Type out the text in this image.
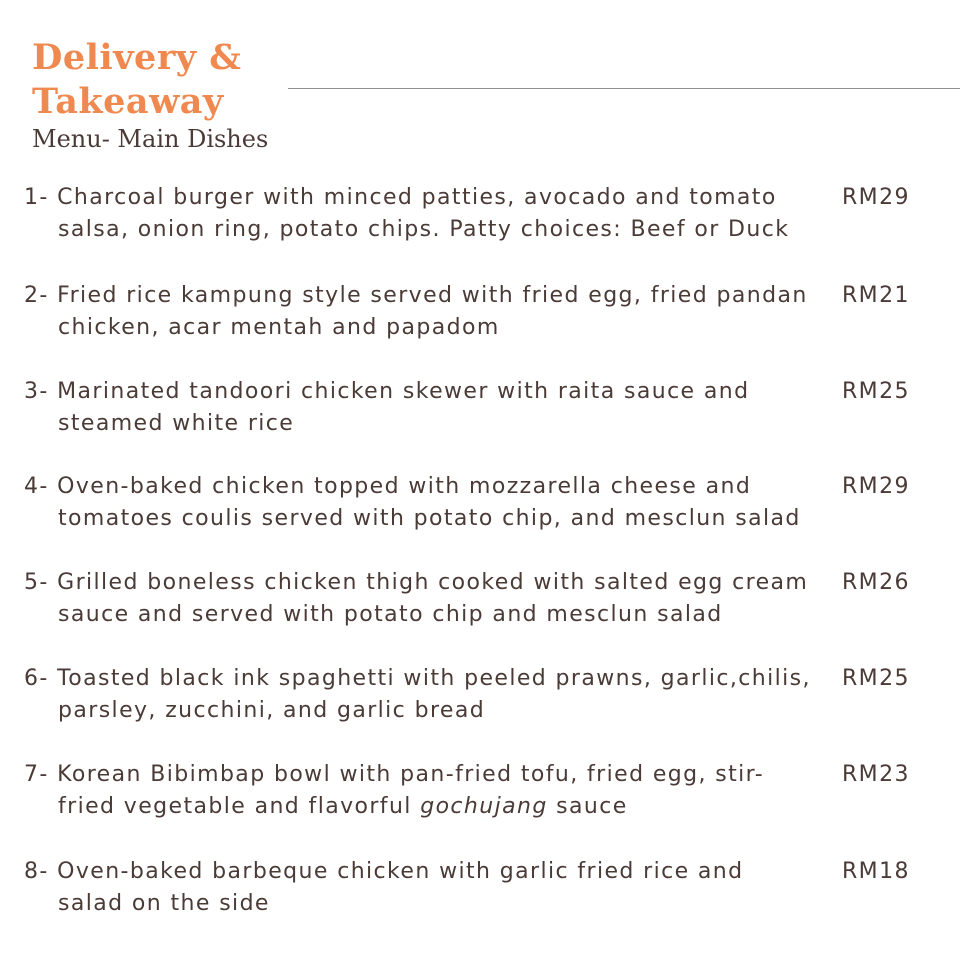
Delivery &
Takeaway
Menu- Main Dishes
1- Charcoal burger with minced patties, avocado and tomato
salsa, onion ring, potato chips. Patty choices: Beef or Duck
RM29
2- Fried rice kampung style served with fried egg, fried pandan
chicken, acar mentah and papadom
RM21
3- Marinated tandoori chicken skewer with raita sauce and
steamed white rice
RM25
4- Oven-baked chicken topped with mozzarella cheese and
tomatoes coulis served with potato chip, and mesclun salad
RM29
5- Grilled boneless chicken thigh cooked with salted egg cream
sauce and served with potato chip and mesclun salad
RM26
6- Toasted black ink spaghetti with peeled prawns, garlic,chilis,
parsley, zucchini, and garlic bread
RM25
7- Korean Bibimbap bowl with pan-fried tofu, fried egg, stir-
fried vegetable and flavorful gochujang sauce
RM23
8- Oven-baked barbeque chicken with garlic fried rice and
salad on the side
RM18
